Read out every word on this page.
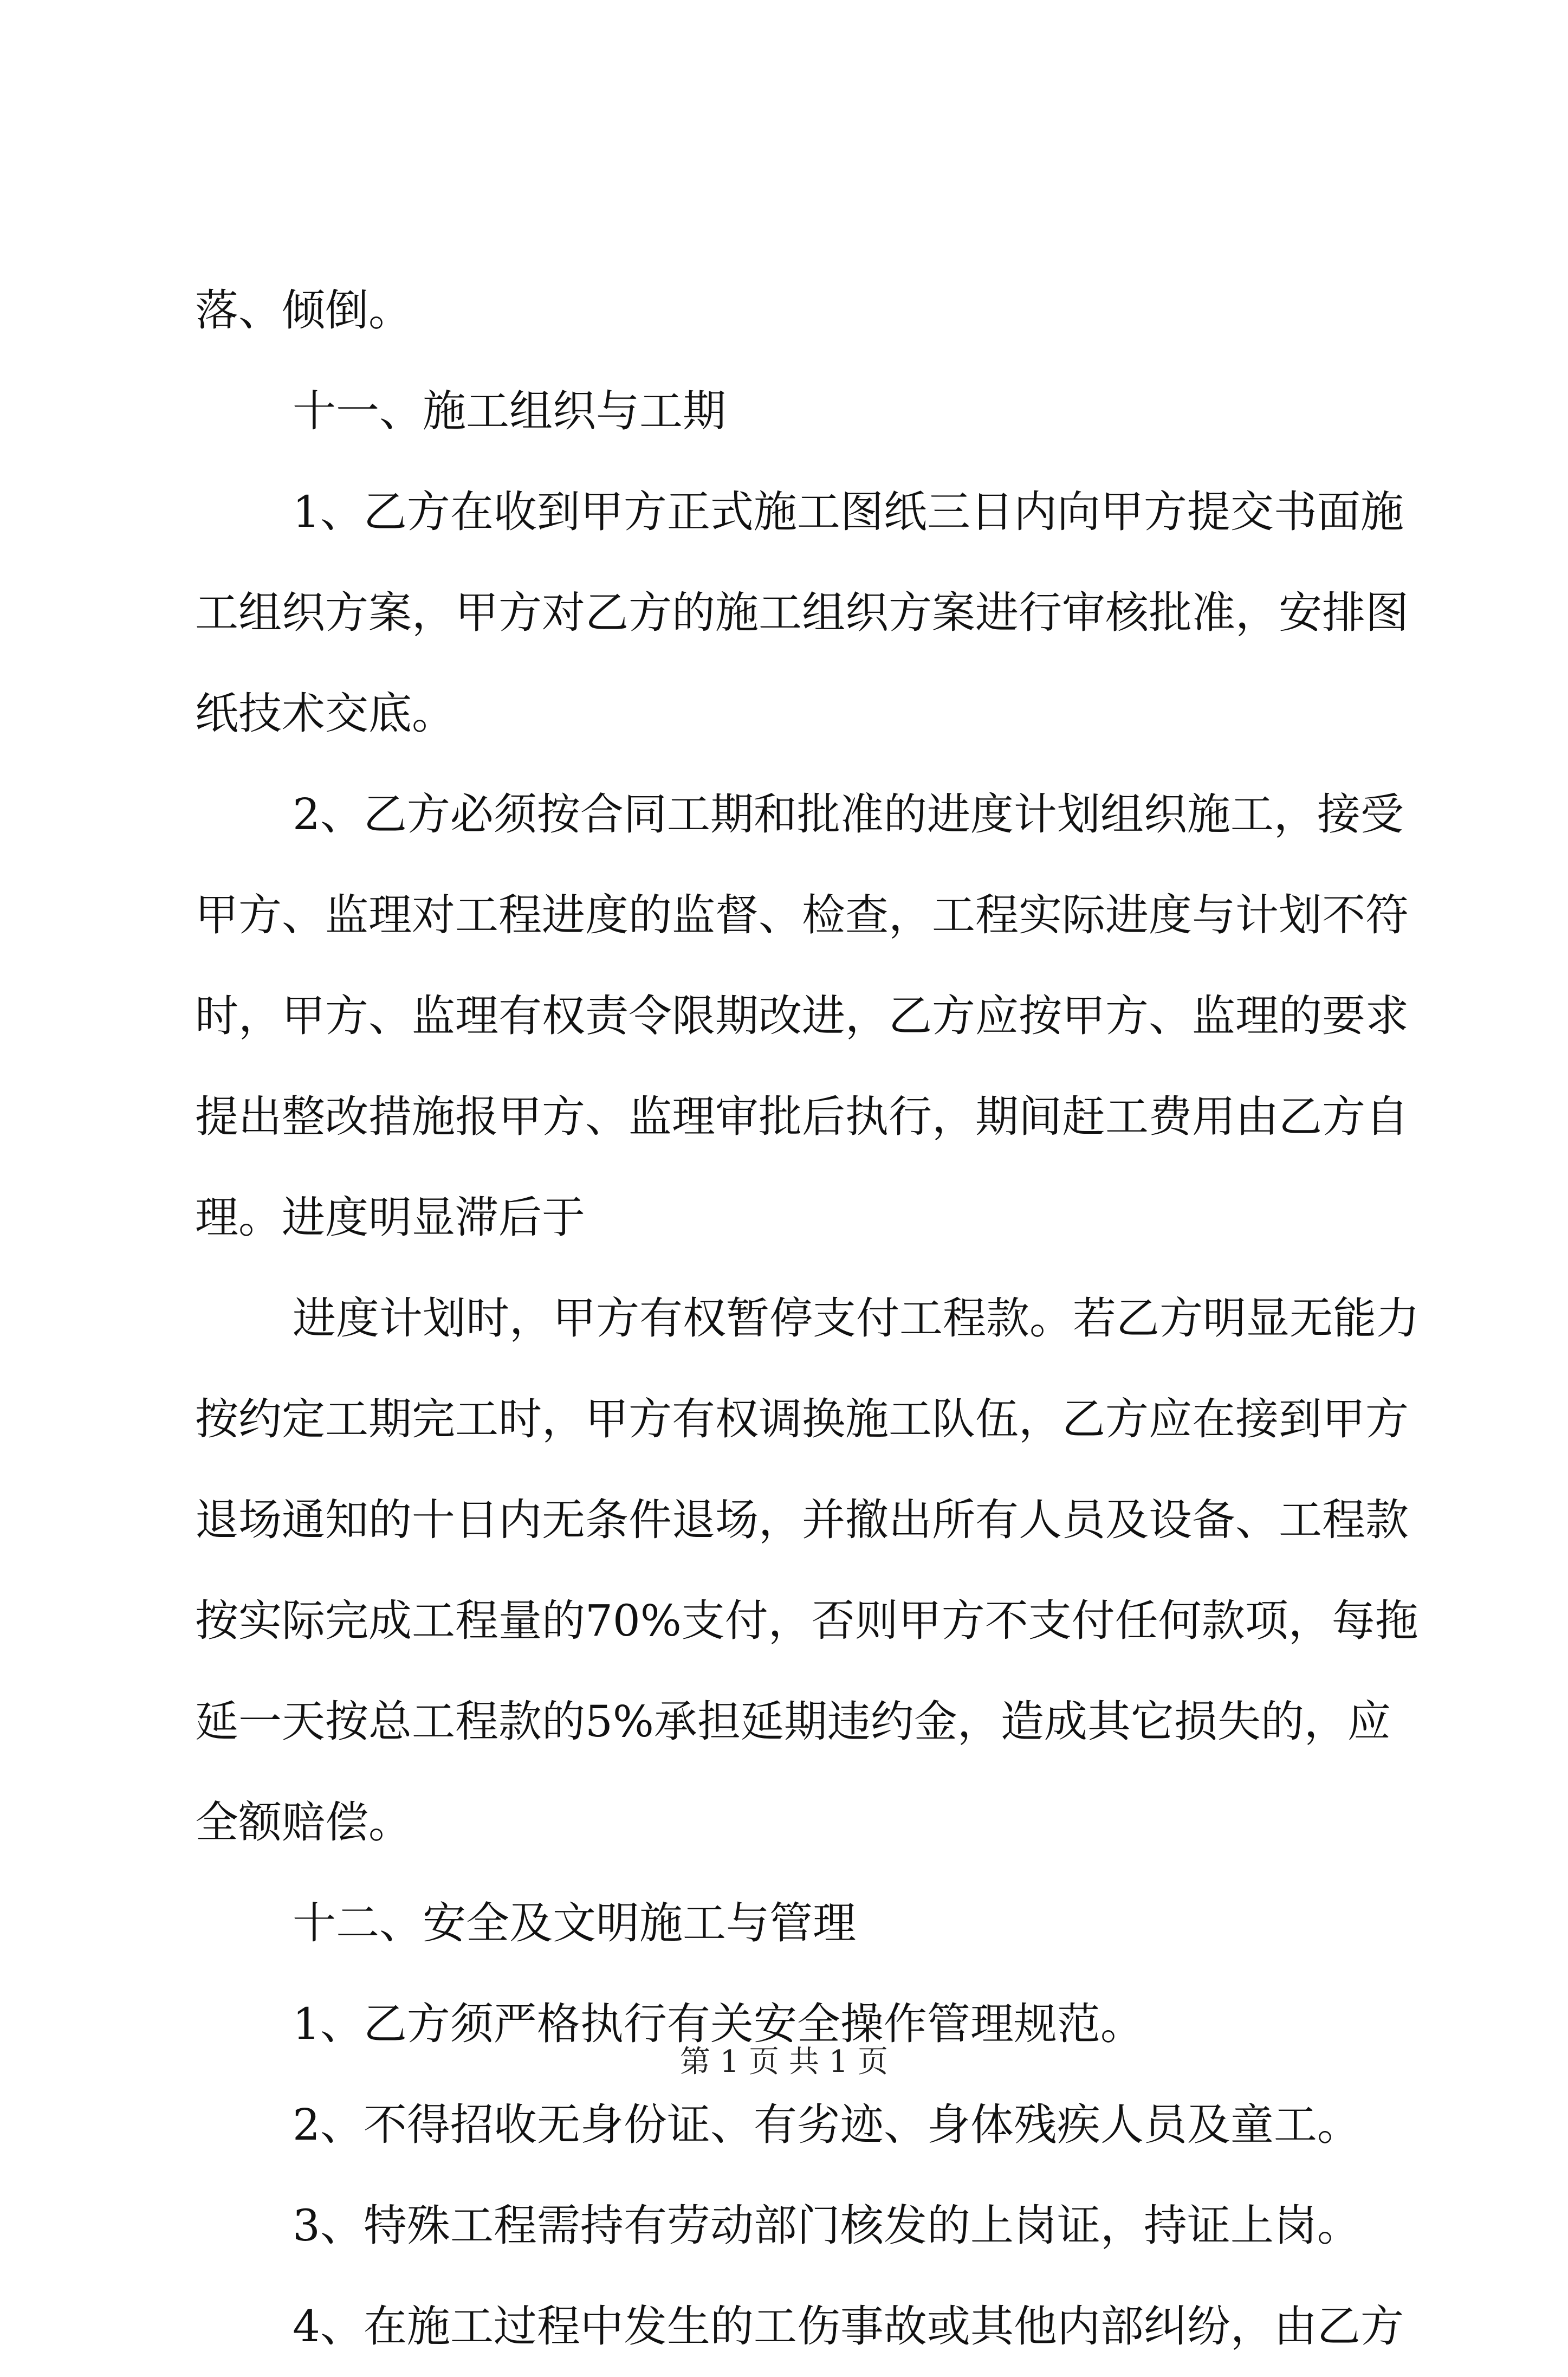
落、倾倒。
十一、施工组织与工期
1、乙方在收到甲方正式施工图纸三日内向甲方提交书面施
工组织方案，甲方对乙方的施工组织方案进行审核批准，安排图
纸技术交底。
2、乙方必须按合同工期和批准的进度计划组织施工，接受
甲方、监理对工程进度的监督、检查，工程实际进度与计划不符
时，甲方、监理有权责令限期改进，乙方应按甲方、监理的要求
提出整改措施报甲方、监理审批后执行，期间赶工费用由乙方自
理。进度明显滞后于
进度计划时，甲方有权暂停支付工程款。若乙方明显无能力
按约定工期完工时，甲方有权调换施工队伍，乙方应在接到甲方
退场通知的十日内无条件退场，并撤出所有人员及设备、工程款
按实际完成工程量的70%支付，否则甲方不支付任何款项，每拖
延一天按总工程款的5%承担延期违约金，造成其它损失的，应
全额赔偿。
十二、安全及文明施工与管理
1、乙方须严格执行有关安全操作管理规范。
2、不得招收无身份证、有劣迹、身体残疾人员及童工。
3、特殊工程需持有劳动部门核发的上岗证，持证上岗。
4、在施工过程中发生的工伤事故或其他内部纠纷，由乙方
第 1 页 共 1 页
